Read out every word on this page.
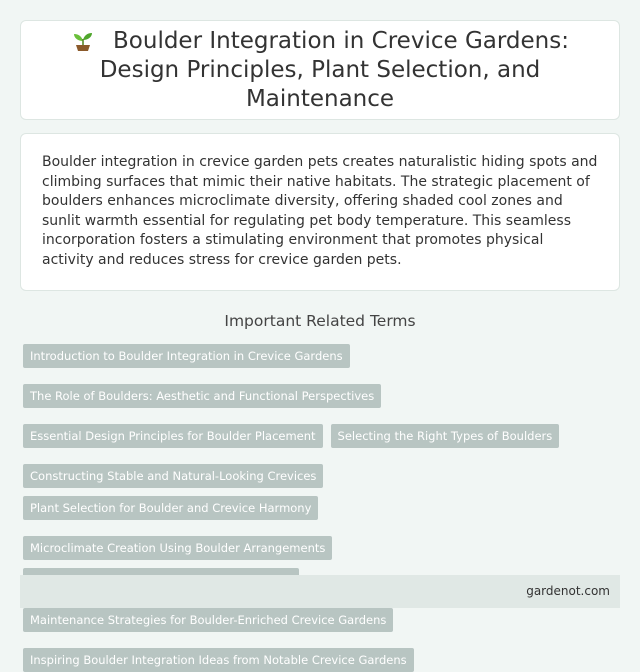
Boulder Integration in Crevice Gardens: Design Principles, Plant Selection, and Maintenance

Boulder integration in crevice garden pets creates naturalistic hiding spots and climbing surfaces that mimic their native habitats. The strategic placement of boulders enhances microclimate diversity, offering shaded cool zones and sunlit warmth essential for regulating pet body temperature. This seamless incorporation fosters a stimulating environment that promotes physical activity and reduces stress for crevice garden pets.

Important Related Terms
Introduction to Boulder Integration in Crevice Gardens
The Role of Boulders: Aesthetic and Functional Perspectives
Essential Design Principles for Boulder Placement	Selecting the Right Types of Boulders
Constructing Stable and Natural-Looking Crevices
Plant Selection for Boulder and Crevice Harmony
Microclimate Creation Using Boulder Arrangements
Maintenance Strategies for Boulder-Enriched Crevice Gardens
Inspiring Boulder Integration Ideas from Notable Crevice Gardens
gardenot.com
